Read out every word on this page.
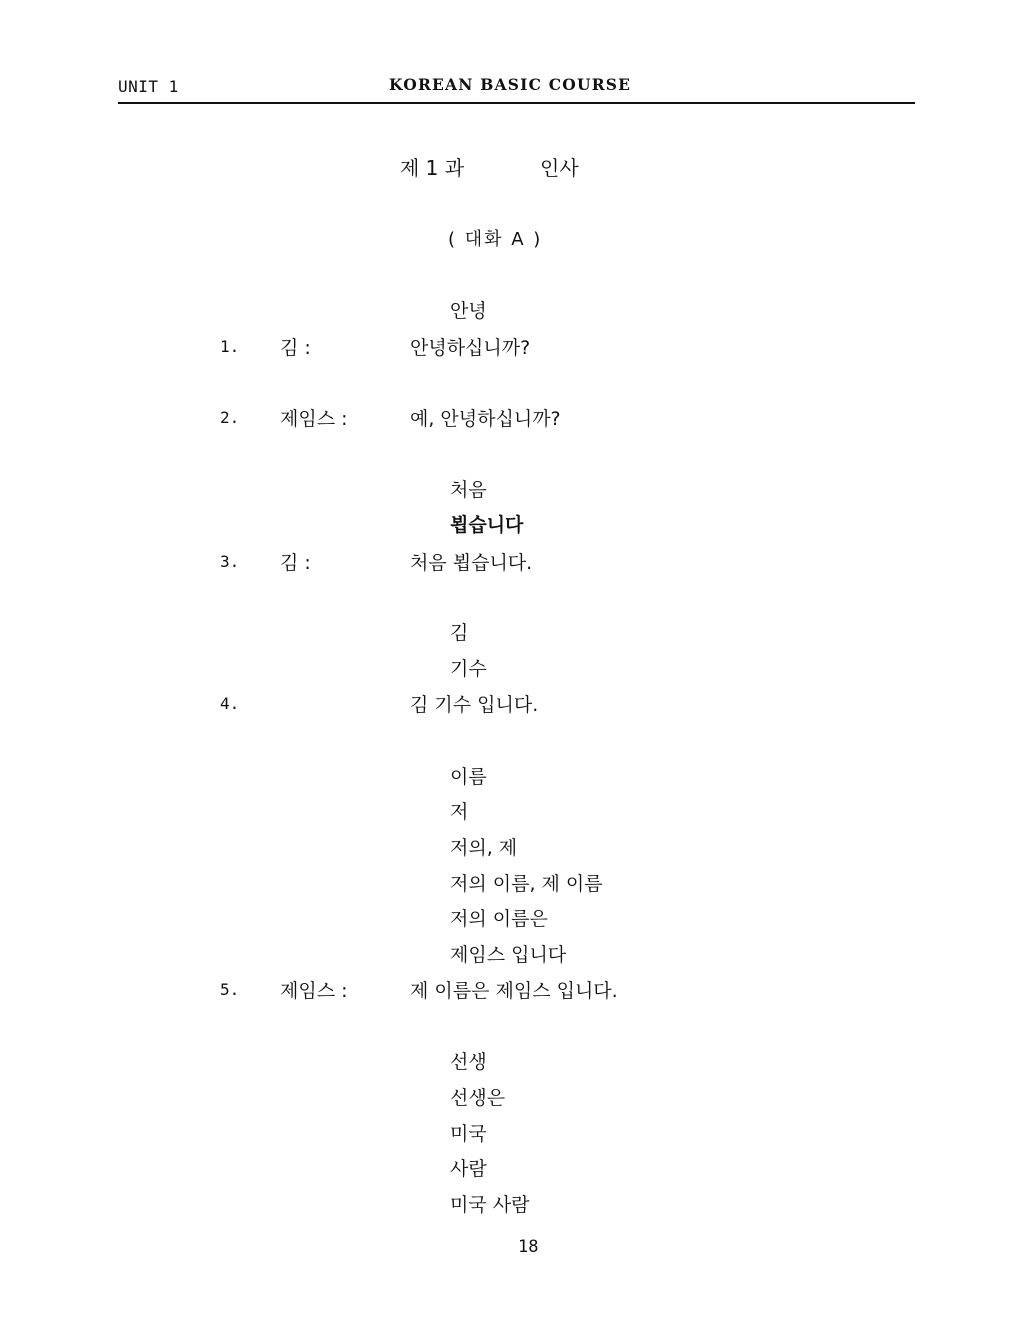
UNIT 1	KOREAN BASIC COURSE
제 1 과	인사
( 대화 A )
안녕
1. 김 :	안녕하십니까?
2. 제임스 :	예, 안녕하십니까?
처음
뵙습니다
3. 김 :	처음 뵙습니다.
김
기수
4.	김 기수 입니다.
이름
저
저의, 제
저의 이름, 제 이름
저의 이름은
제임스 입니다
5. 제임스 :	제 이름은 제임스 입니다.
선생
선생은
미국
사람
미국 사람
18
